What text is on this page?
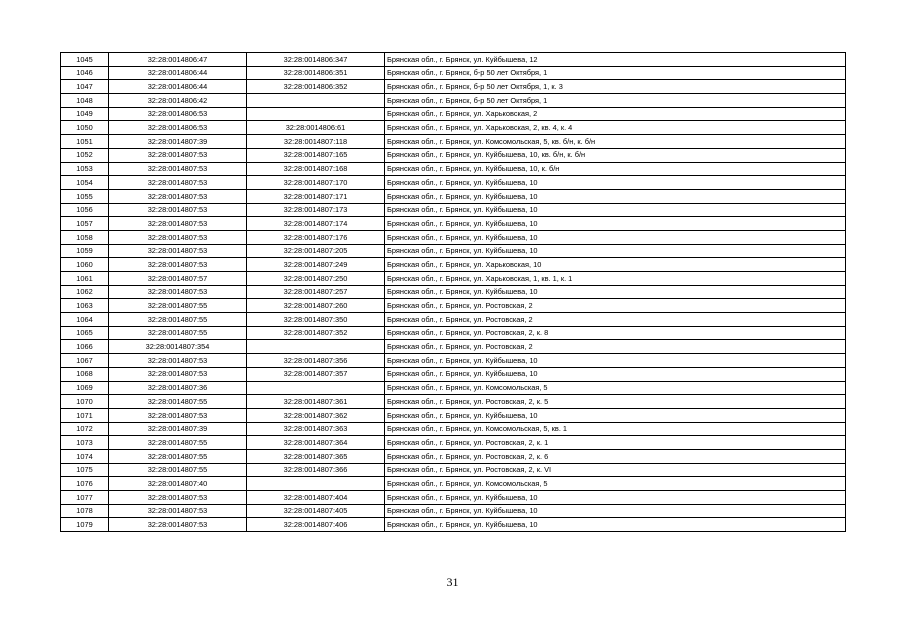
1045	32:28:0014806:47	32:28:0014806:347	Брянская обл., г. Брянск, ул. Куйбышева, 12
1046	32:28:0014806:44	32:28:0014806:351	Брянская обл., г. Брянск, б-р 50 лет Октября, 1
1047	32:28:0014806:44	32:28:0014806:352	Брянская обл., г. Брянск, б-р 50 лет Октября, 1, к. 3
1048	32:28:0014806:42		Брянская обл., г. Брянск, б-р 50 лет Октября, 1
1049	32:28:0014806:53		Брянская обл., г. Брянск, ул. Харьковская, 2
1050	32:28:0014806:53	32:28:0014806:61	Брянская обл., г. Брянск, ул. Харьковская, 2, кв. 4, к. 4
1051	32:28:0014807:39	32:28:0014807:118	Брянская обл., г. Брянск, ул. Комсомольская, 5, кв. б/н, к. б/н
1052	32:28:0014807:53	32:28:0014807:165	Брянская обл., г. Брянск, ул. Куйбышева, 10, кв. б/н, к. б/н
1053	32:28:0014807:53	32:28:0014807:168	Брянская обл., г. Брянск, ул. Куйбышева, 10, к. б/н
1054	32:28:0014807:53	32:28:0014807:170	Брянская обл., г. Брянск, ул. Куйбышева, 10
1055	32:28:0014807:53	32:28:0014807:171	Брянская обл., г. Брянск, ул. Куйбышева, 10
1056	32:28:0014807:53	32:28:0014807:173	Брянская обл., г. Брянск, ул. Куйбышева, 10
1057	32:28:0014807:53	32:28:0014807:174	Брянская обл., г. Брянск, ул. Куйбышева, 10
1058	32:28:0014807:53	32:28:0014807:176	Брянская обл., г. Брянск, ул. Куйбышева, 10
1059	32:28:0014807:53	32:28:0014807:205	Брянская обл., г. Брянск, ул. Куйбышева, 10
1060	32:28:0014807:53	32:28:0014807:249	Брянская обл., г. Брянск, ул. Харьковская, 10
1061	32:28:0014807:57	32:28:0014807:250	Брянская обл., г. Брянск, ул. Харьковская, 1, кв. 1, к. 1
1062	32:28:0014807:53	32:28:0014807:257	Брянская обл., г. Брянск, ул. Куйбышева, 10
1063	32:28:0014807:55	32:28:0014807:260	Брянская обл., г. Брянск, ул. Ростовская, 2
1064	32:28:0014807:55	32:28:0014807:350	Брянская обл., г. Брянск, ул. Ростовская, 2
1065	32:28:0014807:55	32:28:0014807:352	Брянская обл., г. Брянск, ул. Ростовская, 2, к. 8
1066	32:28:0014807:354		Брянская обл., г. Брянск, ул. Ростовская, 2
1067	32:28:0014807:53	32:28:0014807:356	Брянская обл., г. Брянск, ул. Куйбышева, 10
1068	32:28:0014807:53	32:28:0014807:357	Брянская обл., г. Брянск, ул. Куйбышева, 10
1069	32:28:0014807:36		Брянская обл., г. Брянск, ул. Комсомольская, 5
1070	32:28:0014807:55	32:28:0014807:361	Брянская обл., г. Брянск, ул. Ростовская, 2, к. 5
1071	32:28:0014807:53	32:28:0014807:362	Брянская обл., г. Брянск, ул. Куйбышева, 10
1072	32:28:0014807:39	32:28:0014807:363	Брянская обл., г. Брянск, ул. Комсомольская, 5, кв. 1
1073	32:28:0014807:55	32:28:0014807:364	Брянская обл., г. Брянск, ул. Ростовская, 2, к. 1
1074	32:28:0014807:55	32:28:0014807:365	Брянская обл., г. Брянск, ул. Ростовская, 2, к. 6
1075	32:28:0014807:55	32:28:0014807:366	Брянская обл., г. Брянск, ул. Ростовская, 2, к. VI
1076	32:28:0014807:40		Брянская обл., г. Брянск, ул. Комсомольская, 5
1077	32:28:0014807:53	32:28:0014807:404	Брянская обл., г. Брянск, ул. Куйбышева, 10
1078	32:28:0014807:53	32:28:0014807:405	Брянская обл., г. Брянск, ул. Куйбышева, 10
1079	32:28:0014807:53	32:28:0014807:406	Брянская обл., г. Брянск, ул. Куйбышева, 10
31
